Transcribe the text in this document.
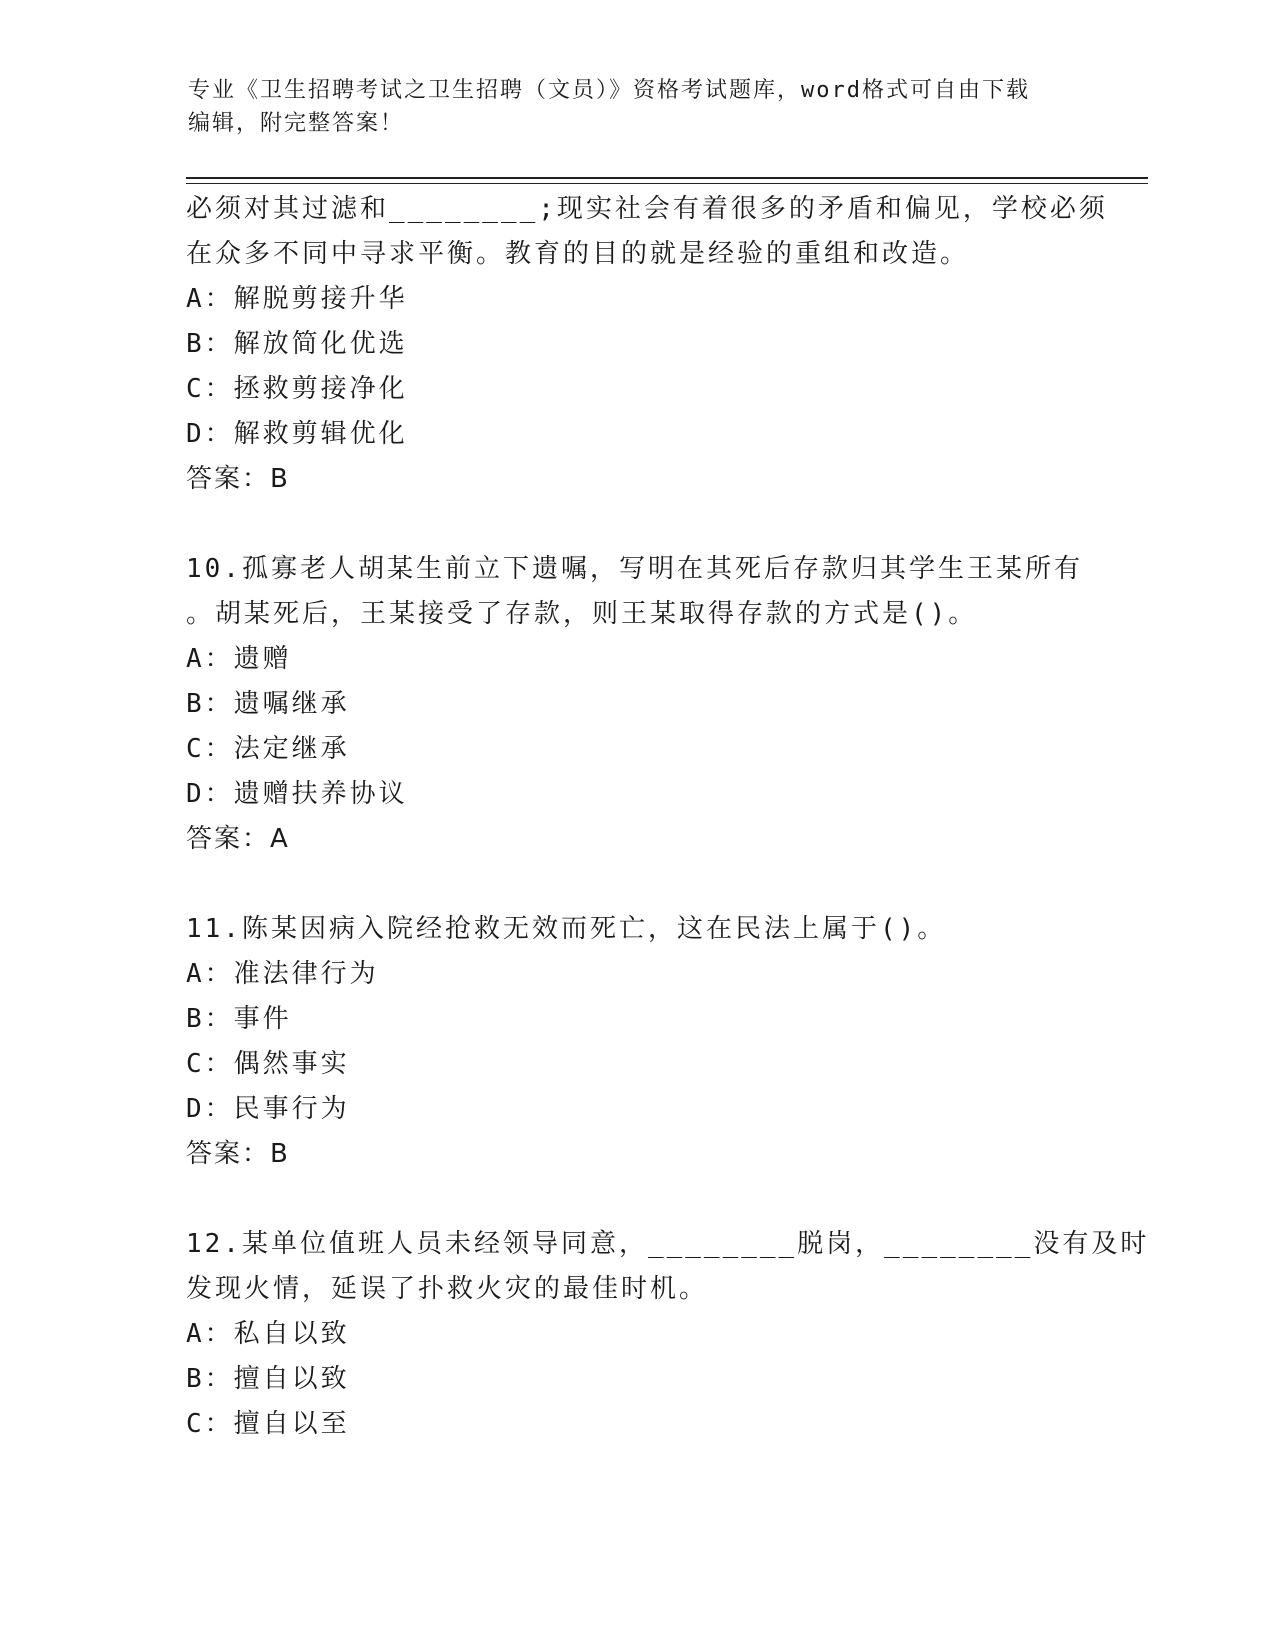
专业《卫生招聘考试之卫生招聘（文员）》资格考试题库，word格式可自由下载
编辑，附完整答案！
必须对其过滤和________;现实社会有着很多的矛盾和偏见，学校必须
在众多不同中寻求平衡。教育的目的就是经验的重组和改造。
A：解脱剪接升华
B：解放简化优选
C：拯救剪接净化
D：解救剪辑优化
答案：B
10.孤寡老人胡某生前立下遗嘱，写明在其死后存款归其学生王某所有
。胡某死后，王某接受了存款，则王某取得存款的方式是()。
A：遗赠
B：遗嘱继承
C：法定继承
D：遗赠扶养协议
答案：A
11.陈某因病入院经抢救无效而死亡，这在民法上属于()。
A：准法律行为
B：事件
C：偶然事实
D：民事行为
答案：B
12.某单位值班人员未经领导同意，________脱岗，________没有及时
发现火情，延误了扑救火灾的最佳时机。
A：私自以致
B：擅自以致
C：擅自以至
